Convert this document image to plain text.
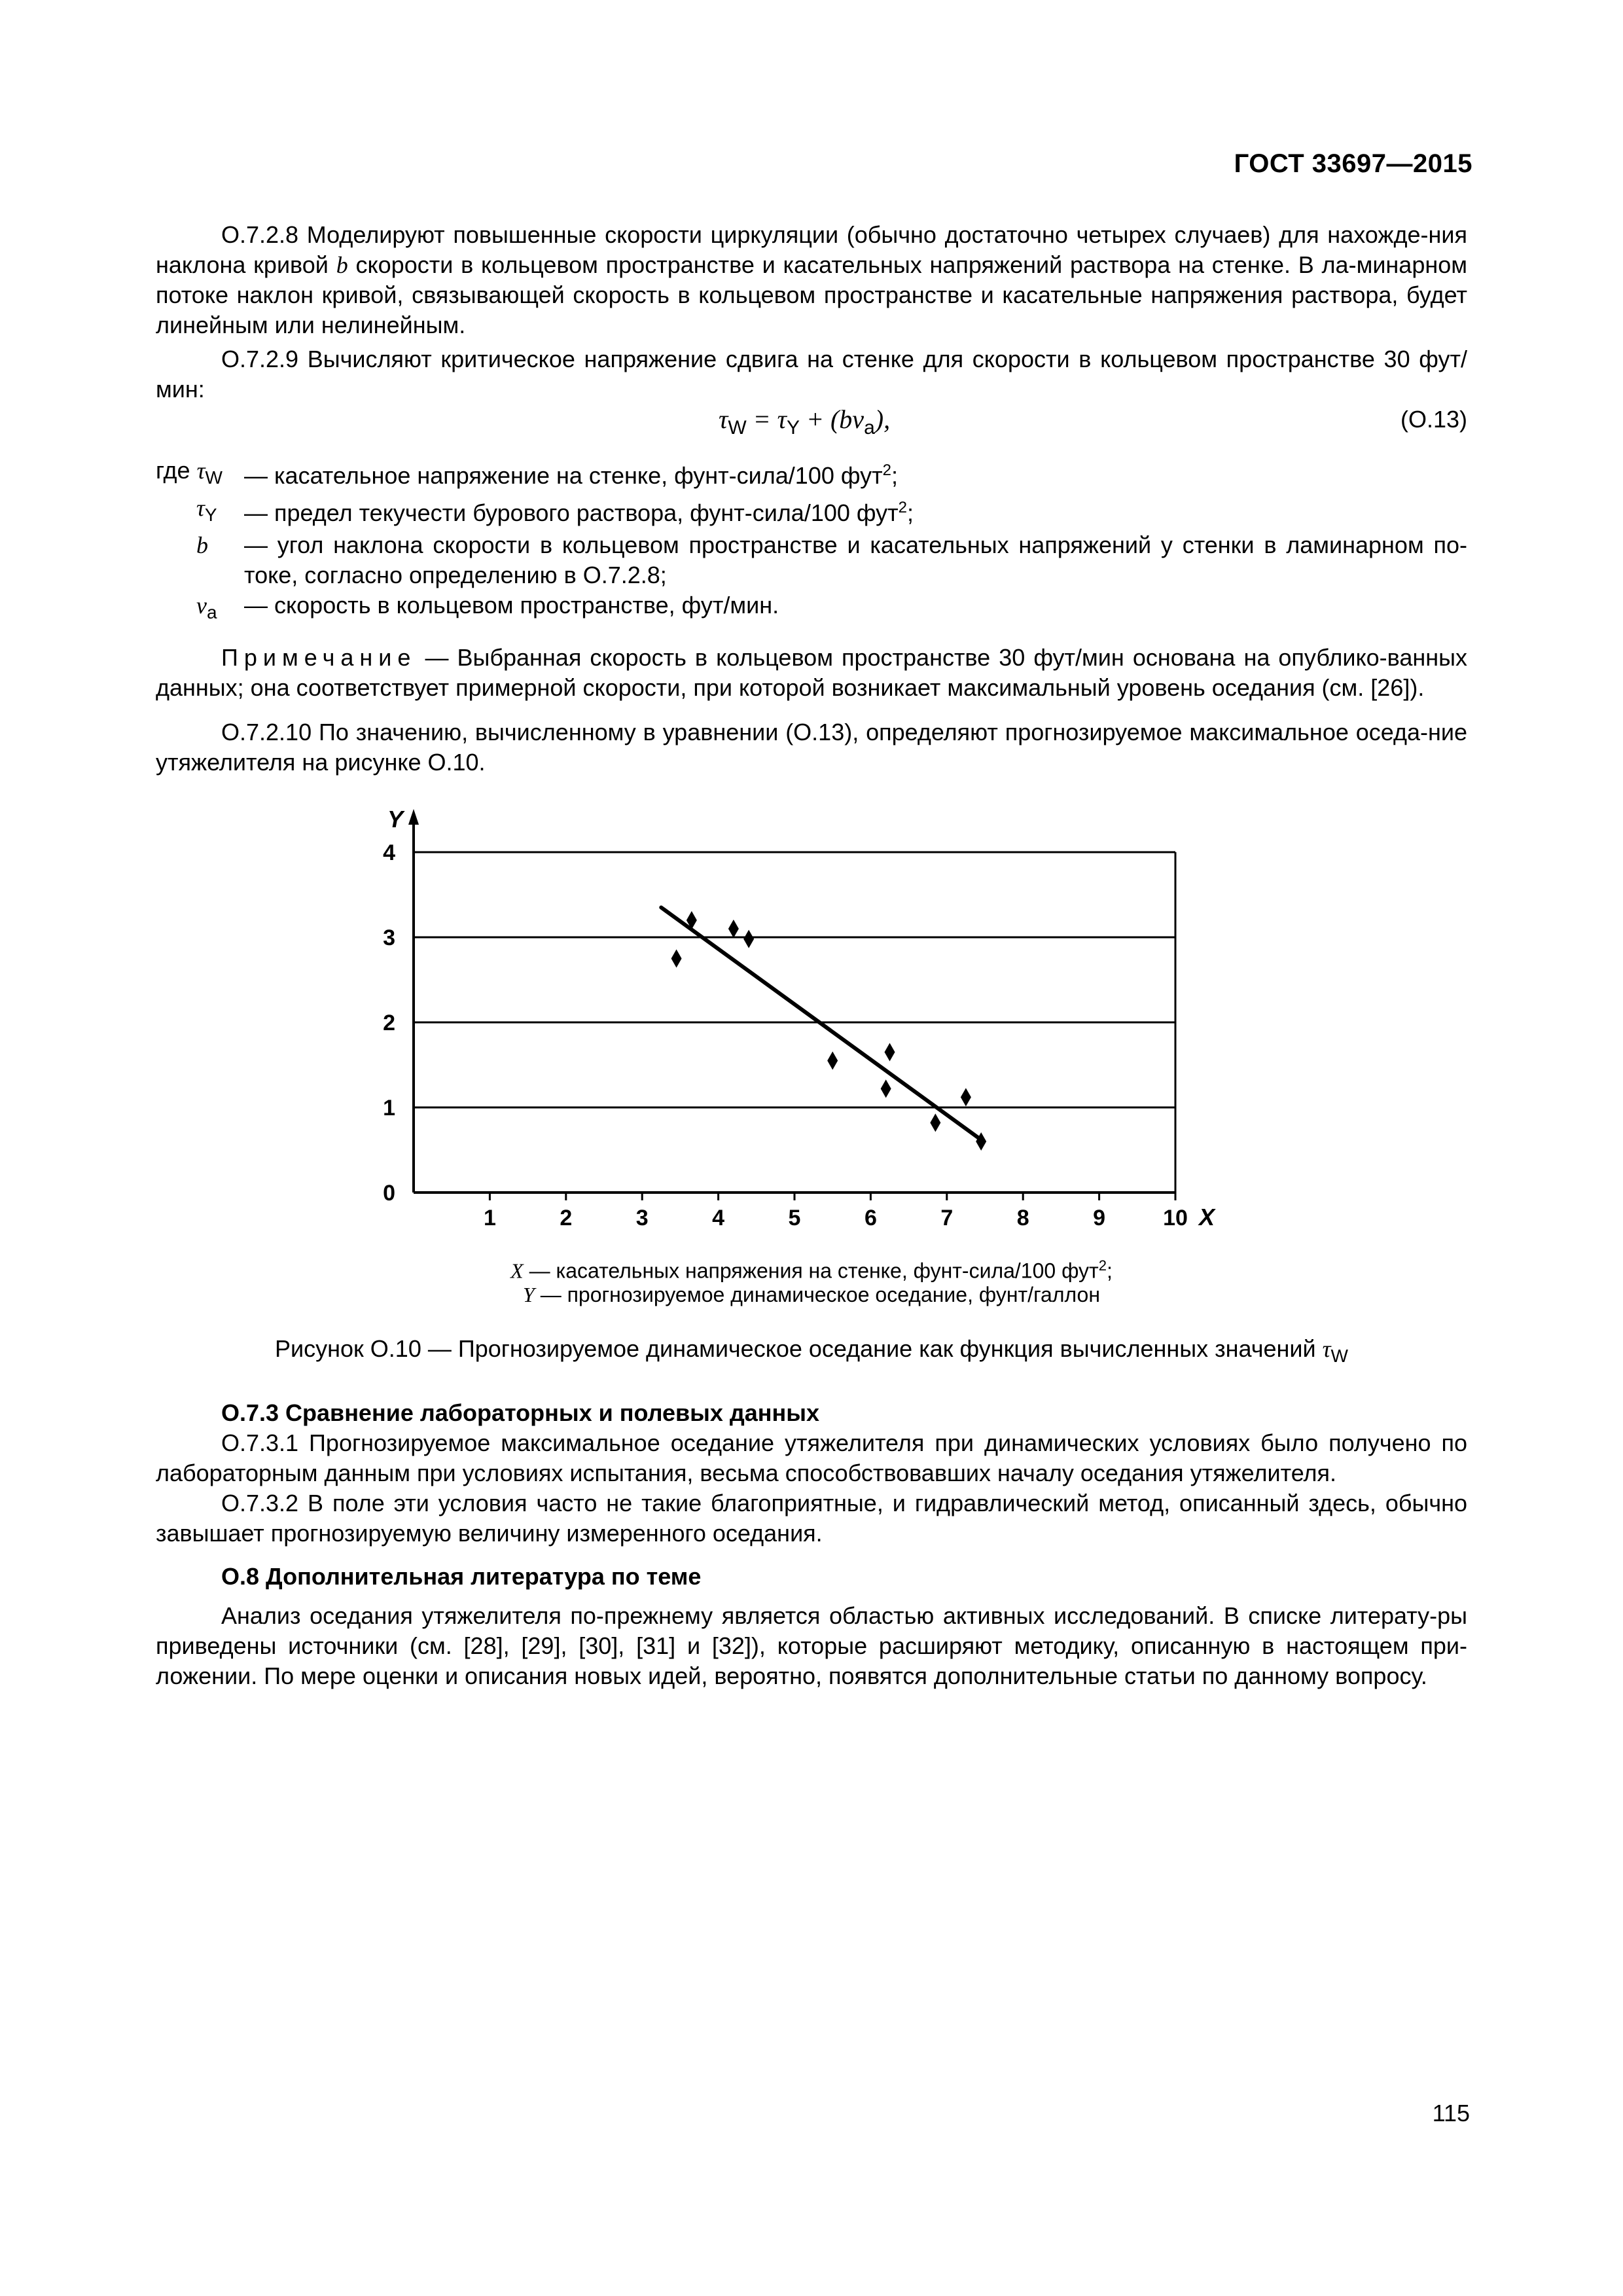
ГОСТ 33697—2015

О.7.2.8 Моделируют повышенные скорости циркуляции (обычно достаточно четырех случаев) для нахожде-ния наклона кривой b скорости в кольцевом пространстве и касательных напряжений раствора на стенке. В ла-минарном потоке наклон кривой, связывающей скорость в кольцевом пространстве и касательные напряжения раствора, будет линейным или нелинейным.

О.7.2.9 Вычисляют критическое напряжение сдвига на стенке для скорости в кольцевом пространстве 30 фут/мин:

$\tau_W = \tau_Y + (b\nu_a)$,	(О.13)
где $\tau_W$ — касательное напряжение на стенке, фунт-сила/100 фут$^2$;
$\tau_Y$	— предел текучести бурового раствора, фунт-сила/100 фут$^2$;
b	— угол наклона скорости в кольцевом пространстве и касательных напряжений у стенки в ламинарном по-токе, согласно определению в О.7.2.8;
$\nu_a$	— скорость в кольцевом пространстве, фут/мин.

Примечание — Выбранная скорость в кольцевом пространстве 30 фут/мин основана на опублико-ванных данных; она соответствует примерной скорости, при которой возникает максимальный уровень оседания (см. [26]).

О.7.2.10 По значению, вычисленному в уравнении (О.13), определяют прогнозируемое максимальное оседа-ние утяжелителя на рисунке О.10.

0
1
2
3
4
1	2	3	4	5	6	7	8	9	10 X
Y
X — касательных напряжения на стенке, фунт-сила/100 фут$^2$;
Y — прогнозируемое динамическое оседание, фунт/галлон
Рисунок О.10 — Прогнозируемое динамическое оседание как функция вычисленных значений $\tau_W$

О.7.3 Сравнение лабораторных и полевых данных

О.7.3.1 Прогнозируемое максимальное оседание утяжелителя при динамических условиях было получено по лабораторным данным при условиях испытания, весьма способствовавших началу оседания утяжелителя.

О.7.3.2 В поле эти условия часто не такие благоприятные, и гидравлический метод, описанный здесь, обычно завышает прогнозируемую величину измеренного оседания.

О.8 Дополнительная литература по теме

Анализ оседания утяжелителя по-прежнему является областью активных исследований. В списке литерату-ры приведены источники (см. [28], [29], [30], [31] и [32]), которые расширяют методику, описанную в настоящем при-ложении. По мере оценки и описания новых идей, вероятно, появятся дополнительные статьи по данному вопросу.

115
